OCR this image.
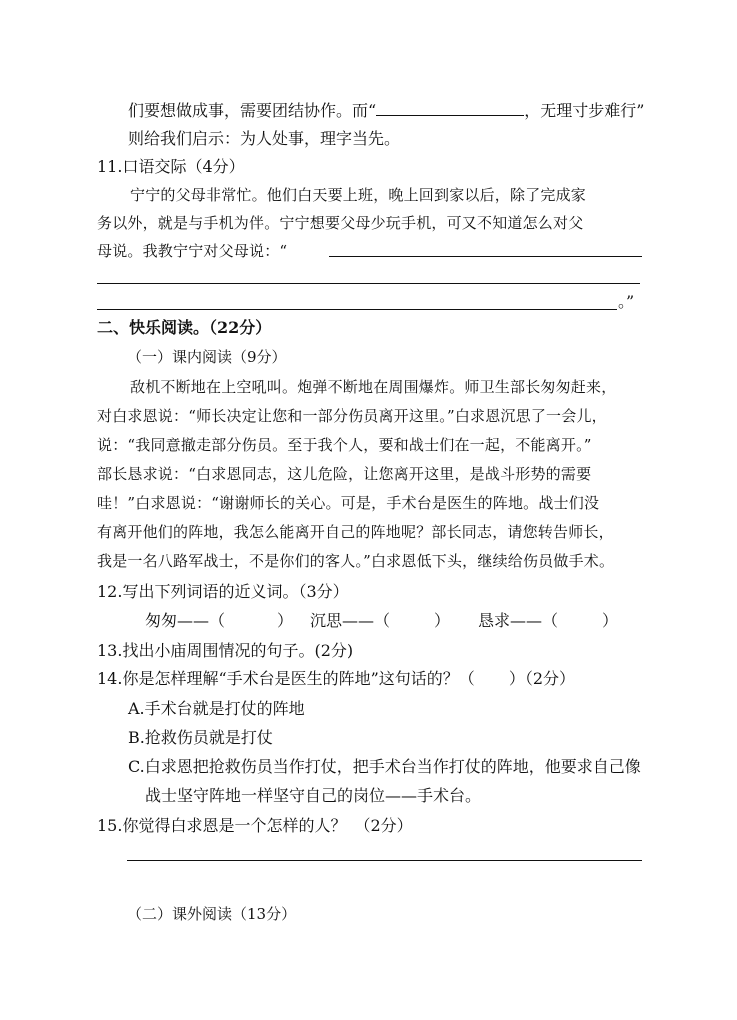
们要想做成事，需要团结协作。而“	，无理寸步难行”
则给我们启示：为人处事，理字当先。
11.口语交际（4分）
宁宁的父母非常忙。他们白天要上班，晚上回到家以后，除了完成家
务以外，就是与手机为伴。宁宁想要父母少玩手机，可又不知道怎么对父
母说。我教宁宁对父母说：“
。”
二、快乐阅读。（22分）
（一）课内阅读（9分）
敌机不断地在上空吼叫。炮弹不断地在周围爆炸。师卫生部长匆匆赶来，
对白求恩说：“师长决定让您和一部分伤员离开这里。”白求恩沉思了一会儿，
说：“我同意撤走部分伤员。至于我个人，要和战士们在一起，不能离开。”
部长恳求说：“白求恩同志，这儿危险，让您离开这里，是战斗形势的需要
哇！”白求恩说：“谢谢师长的关心。可是，手术台是医生的阵地。战士们没
有离开他们的阵地，我怎么能离开自己的阵地呢？部长同志，请您转告师长，
我是一名八路军战士，不是你们的客人。”白求恩低下头，继续给伤员做手术。
12.写出下列词语的近义词。（3分）
匆匆——（	） 沉思——（	） 恳求——（	）
13.找出小庙周围情况的句子。(2分)
14.你是怎样理解“手术台是医生的阵地”这句话的？（ ）（2分）
A.手术台就是打仗的阵地
B.抢救伤员就是打仗
C.白求恩把抢救伤员当作打仗，把手术台当作打仗的阵地，他要求自己像
战士坚守阵地一样坚守自己的岗位——手术台。
15.你觉得白求恩是一个怎样的人？　（2分）
（二）课外阅读（13分）
